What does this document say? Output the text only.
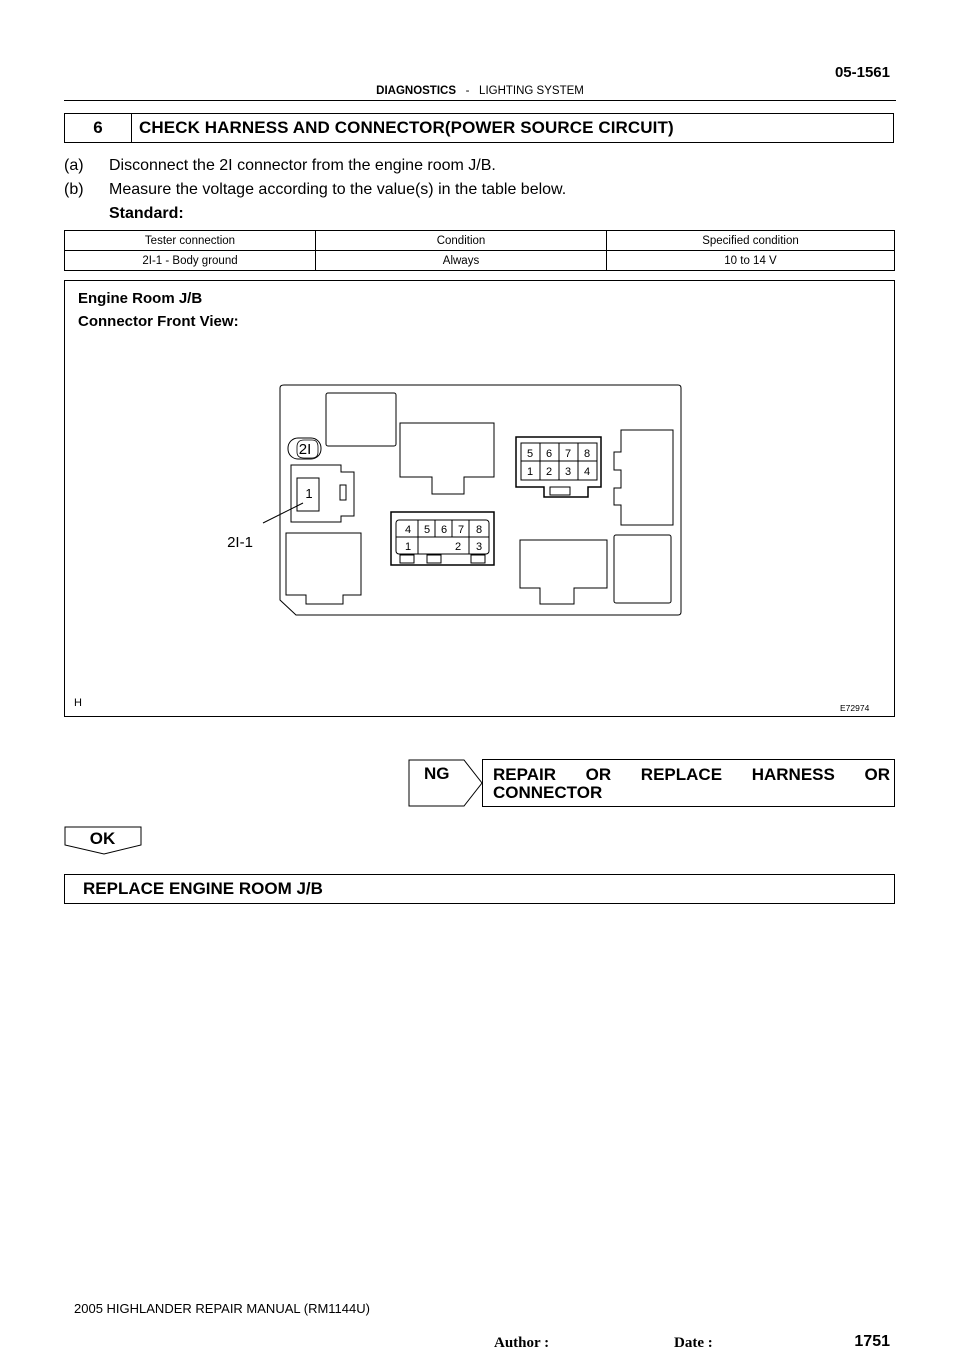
05-1561
DIAGNOSTICS - LIGHTING SYSTEM
6	CHECK HARNESS AND CONNECTOR(POWER SOURCE CIRCUIT)
(a) Disconnect the 2I connector from the engine room J/B.
(b) Measure the voltage according to the value(s) in the table below.
Standard:
Tester connection	Condition	Specified condition
2I-1 - Body ground	Always	10 to 14 V
Engine Room J/B
Connector Front View:
2I
1
2I-1
5 6 7 8
1 2 3 4
4 5 6 7 8
1	2 3
H	E72974
NG	REPAIR OR REPLACE HARNESS OR
CONNECTOR
OK
REPLACE ENGINE ROOM J/B
2005 HIGHLANDER REPAIR MANUAL (RM1144U)
Author :	Date :	1751
